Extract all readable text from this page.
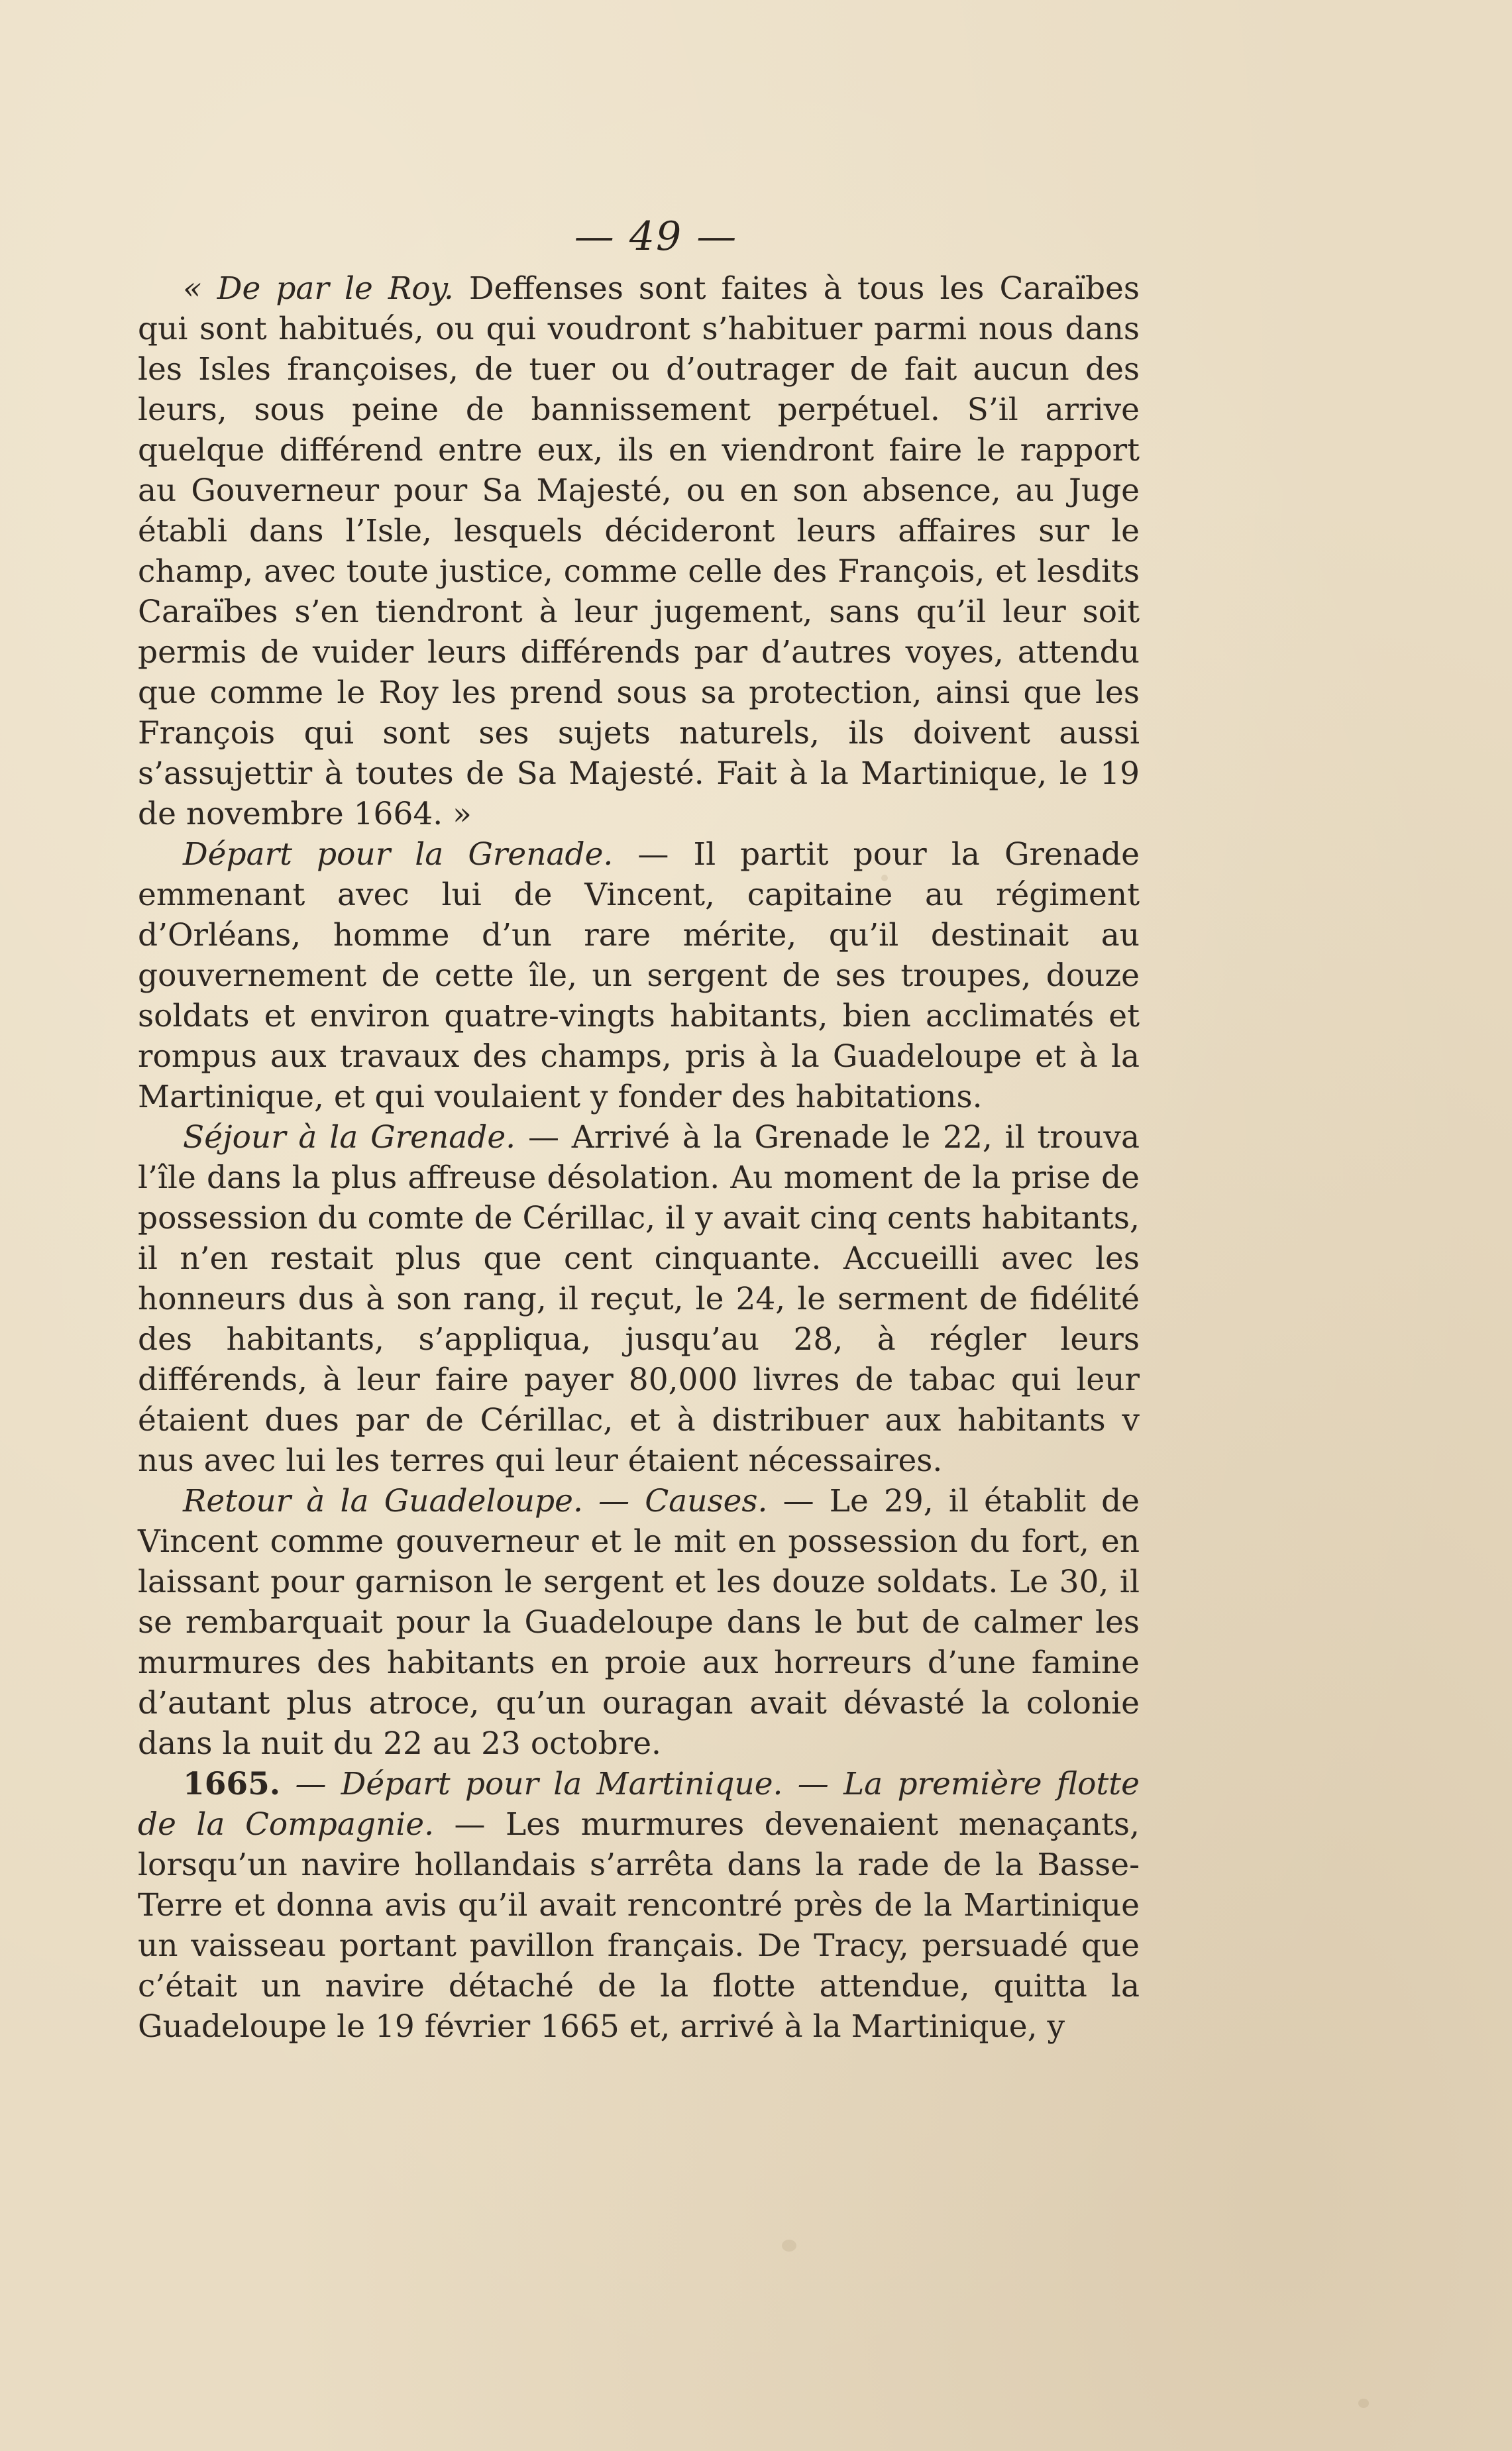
— 49 —

« De par le Roy. Deffenses sont faites à tous les Caraïbes qui sont habitués, ou qui voudront s’habituer parmi nous dans les Isles françoises, de tuer ou d’outrager de fait aucun des leurs, sous peine de bannissement perpétuel. S’il arrive quelque différend entre eux, ils en viendront faire le rapport au Gouverneur pour Sa Majesté, ou en son absence, au Juge établi dans l’Isle, lesquels décideront leurs affaires sur le champ, avec toute justice, comme celle des François, et lesdits Caraïbes s’en tiendront à leur jugement, sans qu’il leur soit permis de vuider leurs différends par d’autres voyes, attendu que comme le Roy les prend sous sa protection, ainsi que les François qui sont ses sujets naturels, ils doivent aussi s’assujettir à toutes de Sa Majesté. Fait à la Martinique, le 19 de novembre 1664. »

Départ pour la Grenade. — Il partit pour la Grenade emmenant avec lui de Vincent, capitaine au régiment d’Orléans, homme d’un rare mérite, qu’il destinait au gouvernement de cette île, un sergent de ses troupes, douze soldats et environ quatre-vingts habitants, bien acclimatés et rompus aux travaux des champs, pris à la Guadeloupe et à la Martinique, et qui voulaient y fonder des habitations.

Séjour à la Grenade. — Arrivé à la Grenade le 22, il trouva l’île dans la plus affreuse désolation. Au moment de la prise de possession du comte de Cérillac, il y avait cinq cents habitants, il n’en restait plus que cent cinquante. Accueilli avec les honneurs dus à son rang, il reçut, le 24, le serment de fidélité des habitants, s’appliqua, jusqu’au 28, à régler leurs différends, à leur faire payer 80,000 livres de tabac qui leur étaient dues par de Cérillac, et à distribuer aux habitants v nus avec lui les terres qui leur étaient nécessaires.

Retour à la Guadeloupe. — Causes. — Le 29, il établit de Vincent comme gouverneur et le mit en possession du fort, en laissant pour garnison le sergent et les douze soldats. Le 30, il se rembarquait pour la Guadeloupe dans le but de calmer les murmures des habitants en proie aux horreurs d’une famine d’autant plus atroce, qu’un ouragan avait dévasté la colonie dans la nuit du 22 au 23 octobre.

1665. — Départ pour la Martinique. — La première flotte de la Compagnie. — Les murmures devenaient menaçants, lorsqu’un navire hollandais s’arrêta dans la rade de la Basse-Terre et donna avis qu’il avait rencontré près de la Martinique un vaisseau portant pavillon français. De Tracy, persuadé que c’était un navire détaché de la flotte attendue, quitta la Guadeloupe le 19 février 1665 et, arrivé à la Martinique, y
